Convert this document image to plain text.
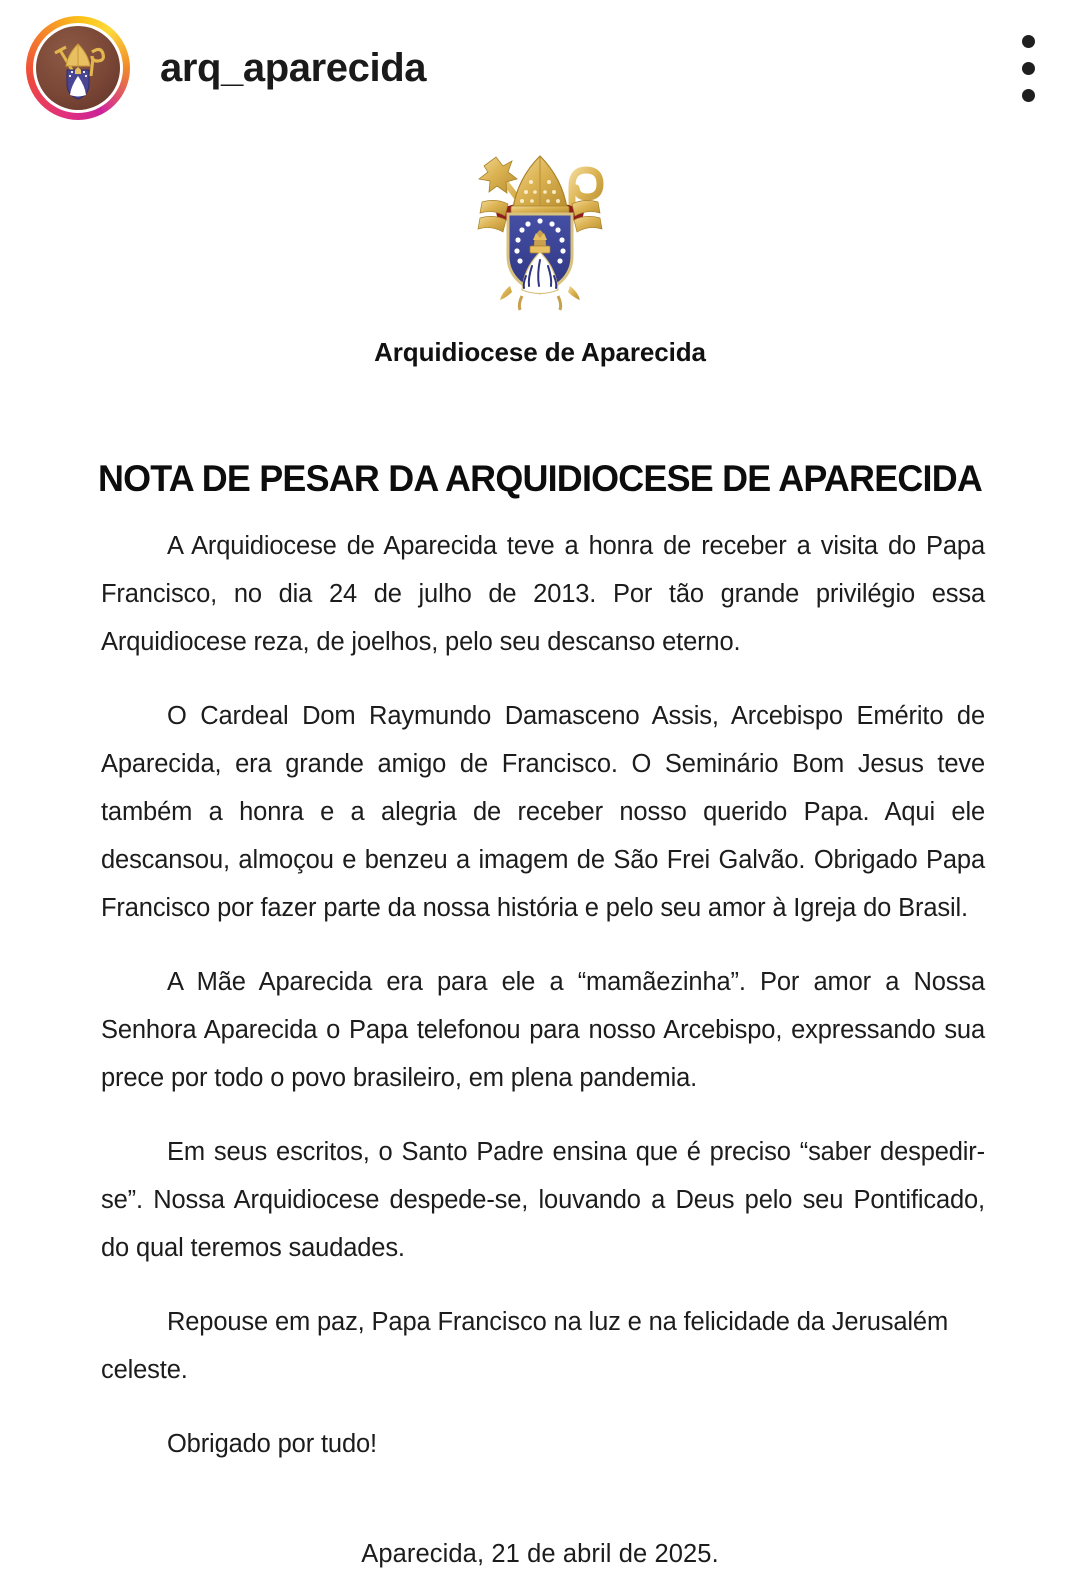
arq_aparecida
Arquidiocese de Aparecida
NOTA DE PESAR DA ARQUIDIOCESE DE APARECIDA

A Arquidiocese de Aparecida teve a honra de receber a visita do Papa Francisco, no dia 24 de julho de 2013. Por tão grande privilégio essa Arquidiocese reza, de joelhos, pelo seu descanso eterno.

O Cardeal Dom Raymundo Damasceno Assis, Arcebispo Emérito de Aparecida, era grande amigo de Francisco. O Seminário Bom Jesus teve também a honra e a alegria de receber nosso querido Papa. Aqui ele descansou, almoçou e benzeu a imagem de São Frei Galvão. Obrigado Papa Francisco por fazer parte da nossa história e pelo seu amor à Igreja do Brasil.

A Mãe Aparecida era para ele a “mamãezinha”. Por amor a Nossa Senhora Aparecida o Papa telefonou para nosso Arcebispo, expressando sua prece por todo o povo brasileiro, em plena pandemia.

Em seus escritos, o Santo Padre ensina que é preciso “saber despedir-se”. Nossa Arquidiocese despede-se, louvando a Deus pelo seu Pontificado, do qual teremos saudades.

Repouse em paz, Papa Francisco na luz e na felicidade da Jerusalém celeste.

Obrigado por tudo!

Aparecida, 21 de abril de 2025.
